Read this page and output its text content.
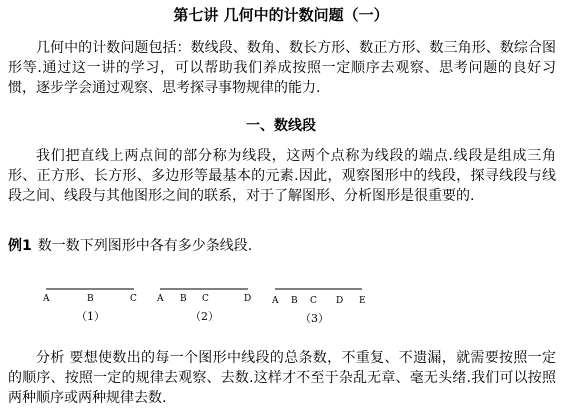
第七讲 几何中的计数问题（一）

几何中的计数问题包括：数线段、数角、数长方形、数正方形、数三角形、数综合图形等.通过这一讲的学习，可以帮助我们养成按照一定顺序去观察、思考问题的良好习惯，逐步学会通过观察、思考探寻事物规律的能力.

一、数线段

我们把直线上两点间的部分称为线段，这两个点称为线段的端点.线段是组成三角形、正方形、长方形、多边形等最基本的元素.因此，观察图形中的线段，探寻线段与线段之间、线段与其他图形之间的联系，对于了解图形、分析图形是很重要的.

例1 数一数下列图形中各有多少条线段.
A	B	C
（1）
A B C	D
（2）
A B C D E
（3）

分析 要想使数出的每一个图形中线段的总条数，不重复、不遗漏，就需要按照一定的顺序、按照一定的规律去观察、去数.这样才不至于杂乱无章、毫无头绪.我们可以按照两种顺序或两种规律去数.
